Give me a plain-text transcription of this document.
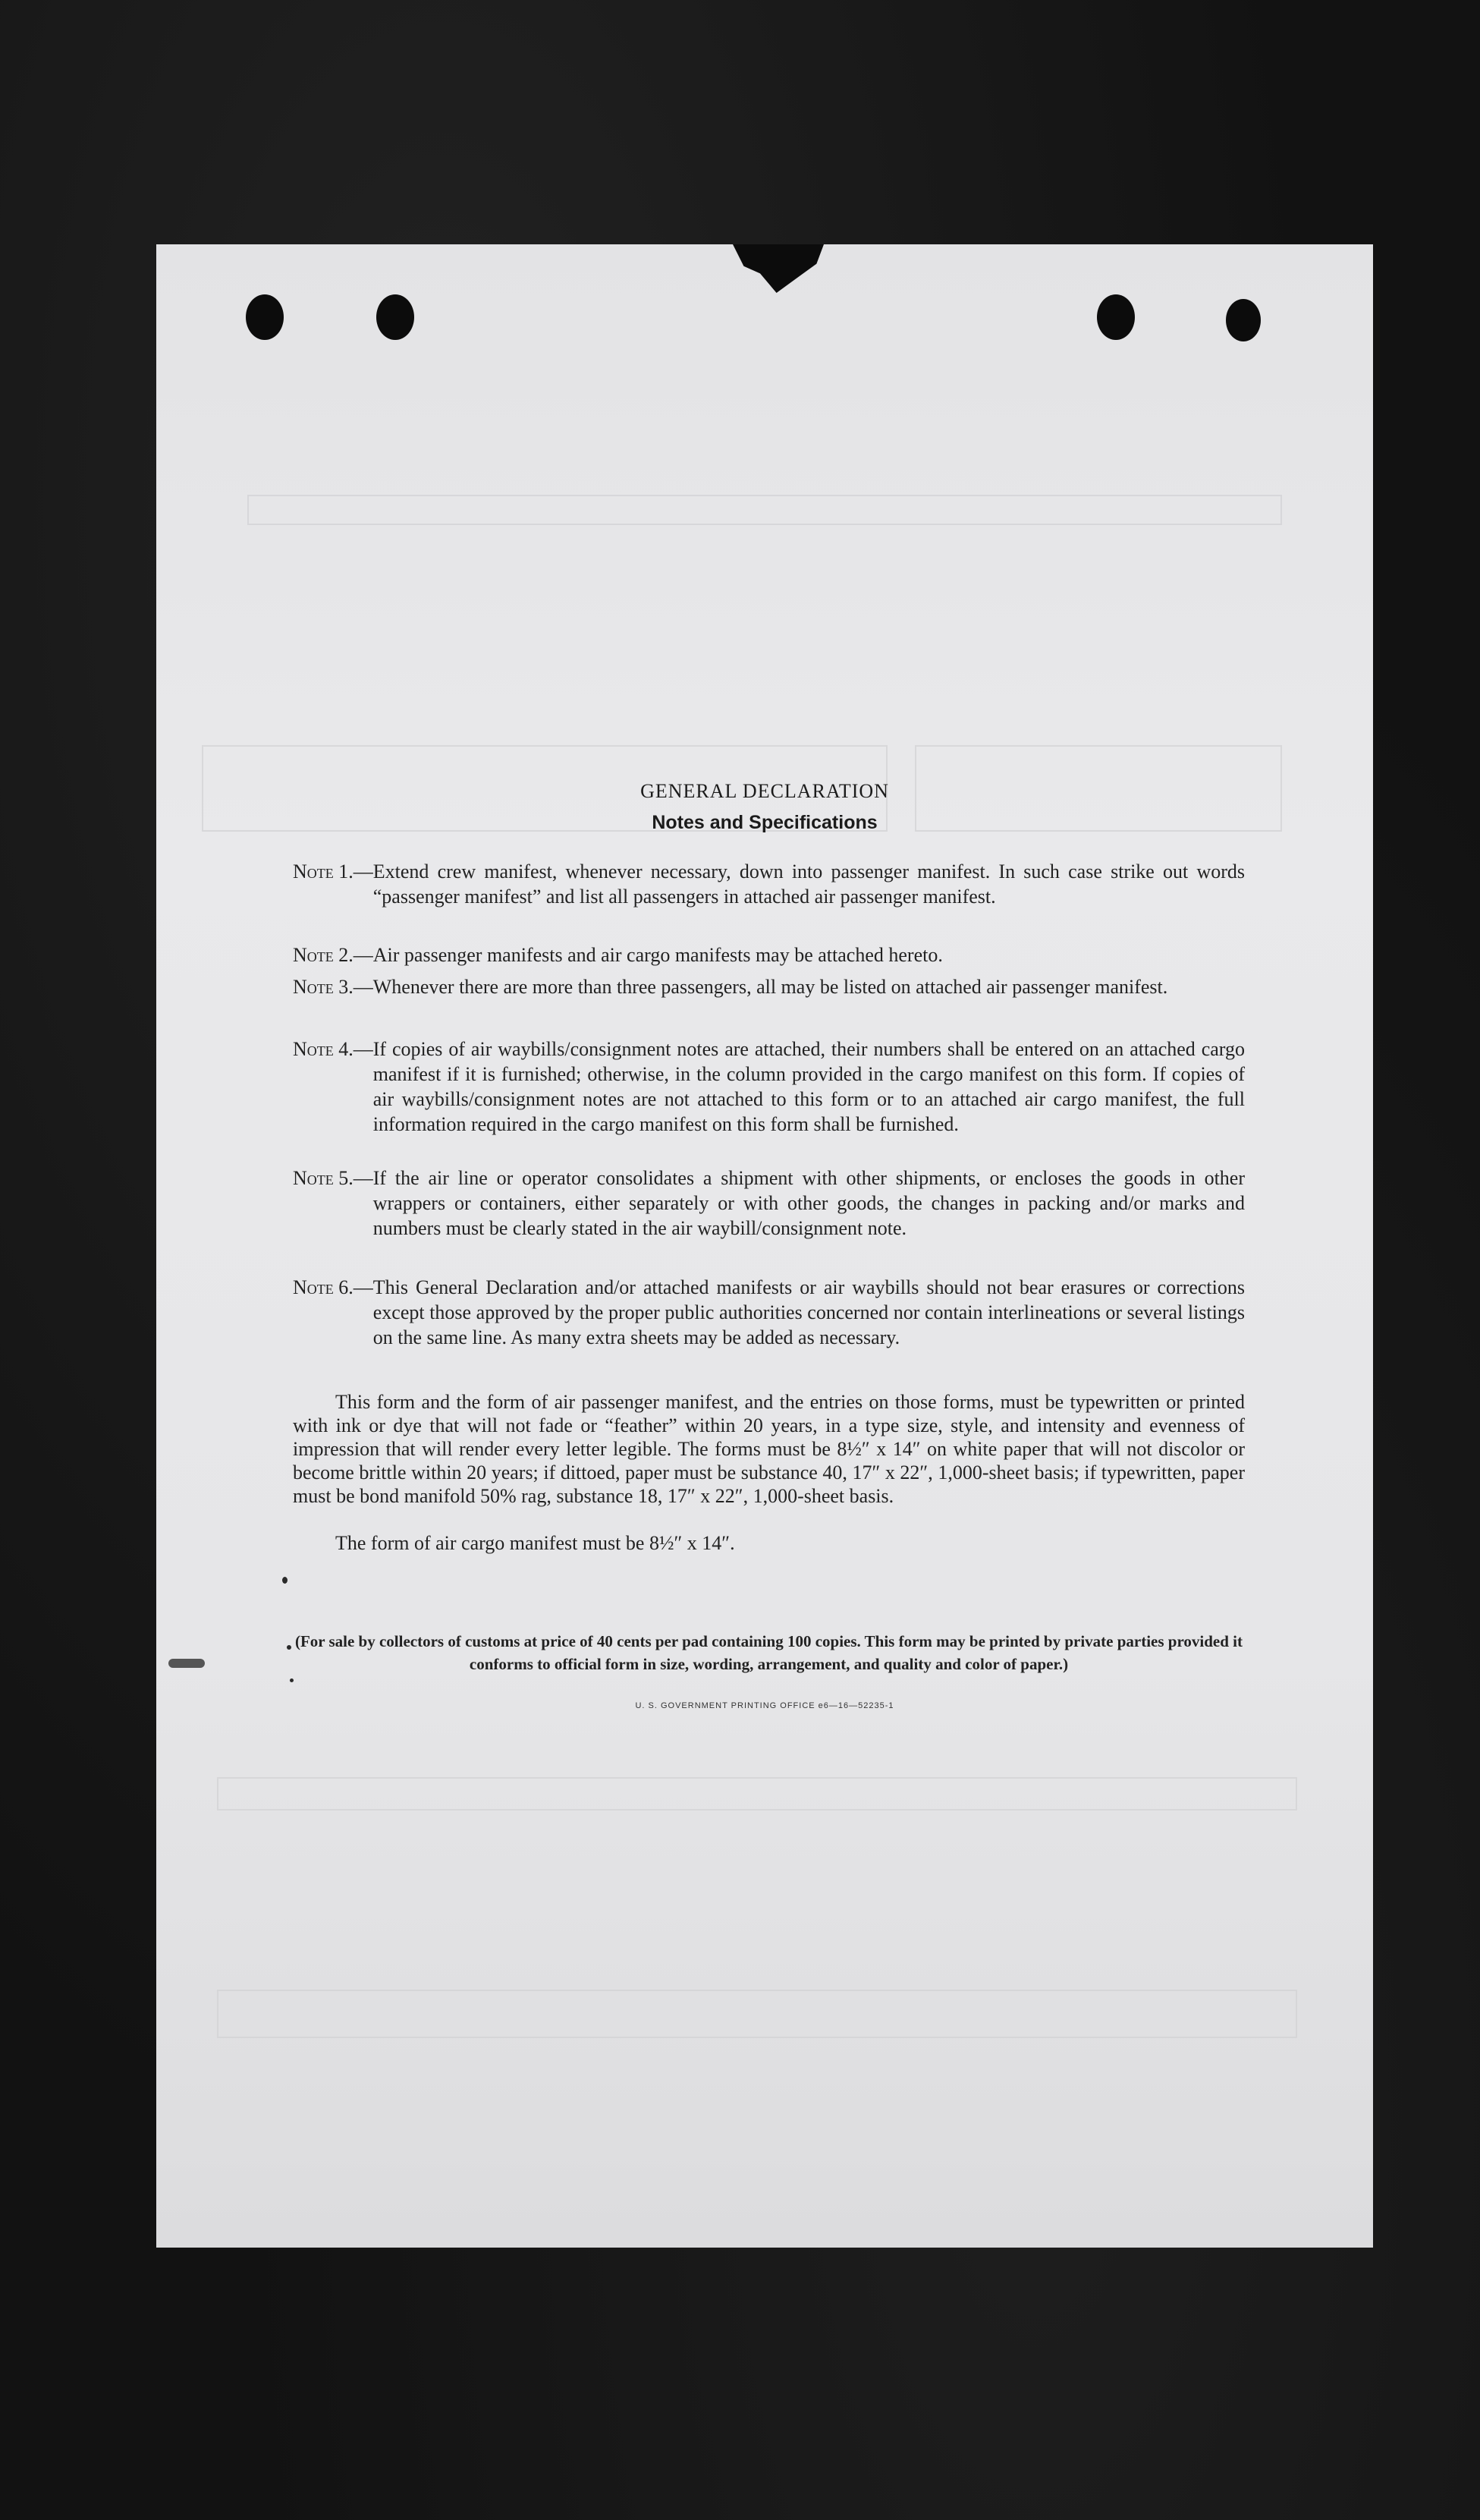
GENERAL DECLARATION
Notes and Specifications
Note 1.— Extend crew manifest, whenever necessary, down into passenger manifest. In such case strike out words “passenger manifest” and list all passengers in attached air passenger manifest.
Note 2.— Air passenger manifests and air cargo manifests may be attached hereto.
Note 3.— Whenever there are more than three passengers, all may be listed on attached air passenger manifest.
Note 4.— If copies of air waybills/consignment notes are attached, their numbers shall be entered on an attached cargo manifest if it is furnished; otherwise, in the column provided in the cargo manifest on this form. If copies of air waybills/consignment notes are not attached to this form or to an attached air cargo manifest, the full information required in the cargo manifest on this form shall be furnished.
Note 5.— If the air line or operator consolidates a shipment with other shipments, or encloses the goods in other wrappers or containers, either separately or with other goods, the changes in packing and/or marks and numbers must be clearly stated in the air waybill/consignment note.
Note 6.— This General Declaration and/or attached manifests or air waybills should not bear erasures or corrections except those approved by the proper public authorities concerned nor contain interlineations or several listings on the same line. As many extra sheets may be added as necessary.
This form and the form of air passenger manifest, and the entries on those forms, must be typewritten or printed with ink or dye that will not fade or “feather” within 20 years, in a type size, style, and intensity and evenness of impression that will render every letter legible. The forms must be 8½″ x 14″ on white paper that will not discolor or become brittle within 20 years; if dittoed, paper must be substance 40, 17″ x 22″, 1,000-sheet basis; if typewritten, paper must be bond manifold 50% rag, substance 18, 17″ x 22″, 1,000-sheet basis.
The form of air cargo manifest must be 8½″ x 14″.
(For sale by collectors of customs at price of 40 cents per pad containing 100 copies. This form may be printed by private parties provided it conforms to official form in size, wording, arrangement, and quality and color of paper.)
U. S. GOVERNMENT PRINTING OFFICE e6—16—52235-1
